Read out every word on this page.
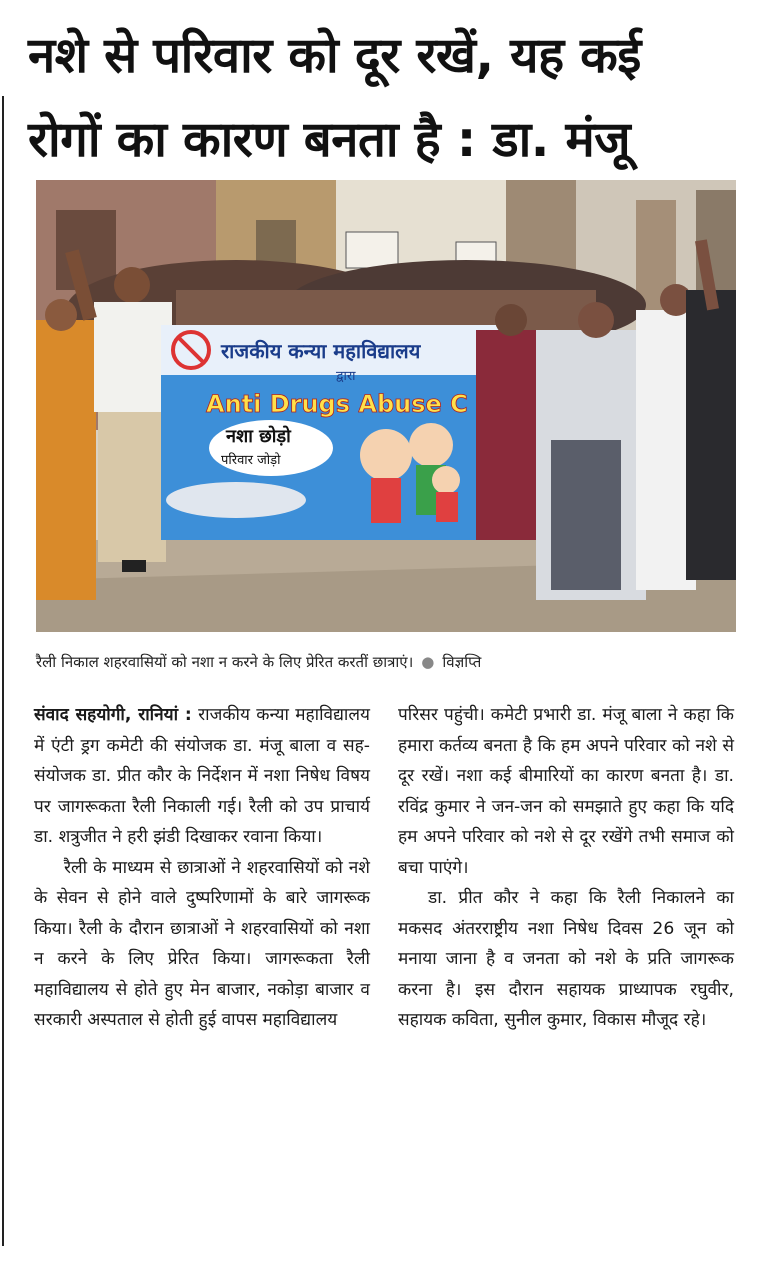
नशे से परिवार को दूर रखें, यह कई
रोगों का कारण बनता है : डा. मंजू
राजकीय कन्या महाविद्यालय
द्वारा
Anti Drugs Abuse C
नशा छोड़ो
परिवार जोड़ो
रैली निकाल शहरवासियों को नशा न करने के लिए प्रेरित करतीं छात्राएं। ● विज्ञप्ति

संवाद सहयोगी, रानियां : राजकीय कन्या महाविद्यालय में एंटी ड्रग कमेटी की संयोजक डा. मंजू बाला व सह-संयोजक डा. प्रीत कौर के निर्देशन में नशा निषेध विषय पर जागरूकता रैली निकाली गई। रैली को उप प्राचार्य डा. शत्रुजीत ने हरी झंडी दिखाकर रवाना किया।

रैली के माध्यम से छात्राओं ने शहरवासियों को नशे के सेवन से होने वाले दुष्परिणामों के बारे जागरूक किया। रैली के दौरान छात्राओं ने शहरवासियों को नशा न करने के लिए प्रेरित किया। जागरूकता रैली महाविद्यालय से होते हुए मेन बाजार, नकोड़ा बाजार व सरकारी अस्पताल से होती हुई वापस महाविद्यालय

परिसर पहुंची। कमेटी प्रभारी डा. मंजू बाला ने कहा कि हमारा कर्तव्य बनता है कि हम अपने परिवार को नशे से दूर रखें। नशा कई बीमारियों का कारण बनता है। डा. रविंद्र कुमार ने जन-जन को समझाते हुए कहा कि यदि हम अपने परिवार को नशे से दूर रखेंगे तभी समाज को बचा पाएंगे।

डा. प्रीत कौर ने कहा कि रैली निकालने का मकसद अंतरराष्ट्रीय नशा निषेध दिवस 26 जून को मनाया जाना है व जनता को नशे के प्रति जागरूक करना है। इस दौरान सहायक प्राध्यापक रघुवीर, सहायक कविता, सुनील कुमार, विकास मौजूद रहे।
